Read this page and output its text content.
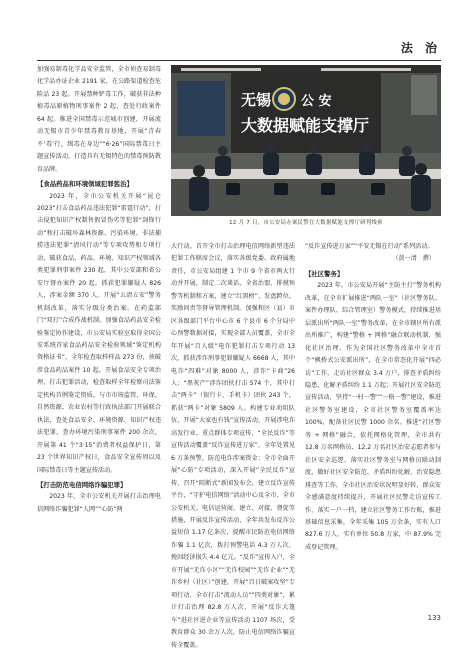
法 治

加强易制毒化学品安全监管，全市侦查易制毒化学品办证企业 2191 家，在公路渠道检查危险品 23 起。开展禁种铲毒工作，破获非法种植毒品原植物刑事案件 2 起，查处行政案件 64 起。推进全国禁毒示范城市创建，开展流动无锡市青少年禁毒教育基地，开展“青春不‘毒’行，缉毒在身边”“6·26”国际禁毒日主题宣传活动，打造具有无锡特色的禁毒预防教育品牌。

【食品药品和环境领域犯罪惩治】

2023 年，全市公安机关开展“昆仑 2023”打击食品药品违法犯罪“雷霆行动”，打击侵犯知识产权制售假冒伪劣等犯罪“剑锋行动”和打击破坏森林资源、污染环境、非法捕捞违法犯罪“清风行动”等专项攻势和专项行动，破获食品、药品、环境、知识产权领域各类犯罪刑事案件 230 起，其中公安部和省公安厅督办案件 20 起，抓获犯罪嫌疑人 826 人，涉案金额 370 人。开展“五清五安”警务机制改革，落实分级分类治案。在药监部门“双打”合成作战机制。加强食品药品安全检验鉴定协作建设，市公安局实验室取得全国公安系统首家食品药品安全检验领域“鉴定机构资格证书”，全年检查取样样品 273 份，侦破涉食品药品案件 10 起。开展食品安全专项治理，打击犯罪活动，检查取样全年检察司法鉴定机构首例鉴定资质，与市市场监管、环保、自然资源、农业农村等行政执法部门开展联合执法，查处食品安全、环境资源、知识产权违法犯罪，查办环境污染刑事案件 200 余次，开展第 41 个“3·15”消费者权益保护日，第 23 个世界知识产权日，食品安全宣传周以及国际禁毒日等主题宣传活动。

【打击防范电信网络诈骗犯罪】

2023 年，全市公安机关开展打击治理电信网络诈骗犯罪“人网”“心防”两

无锡 公 安
大数据赋能支撑厅
12 月 7 日，市公安局办案民警在大数据赋能支撑厅研判线索

大行动。首开全市打击治理电信网络新型违法犯罪工作联席会议，落实各级党委、政府属地责任，市公安局组建 1 个市 9 个省市两大行动并开展，制定二次谈话、全省治盟、排摸预警等机制和方案，建立“红黑榜”、发盘跨位、奖励问责等督导管理机制。加强和区（县）市区各级部门平台中心市 6 个县市 6 个分局中心预警数据对接，实现全部人员覆盖，全市全年开展“百人级”电诈犯罪打击专项行动 13 次，抓获涉诈刑事犯罪嫌疑人 6668 人，其中电诈“四难”对象 8000 人，涉诈“卡商”26 人；“黑灰产”涉诈团伙打击 574 个，其中打击“两卡”（银行卡、手机卡）团伙 243 个，抓获“两卡”对象 5809 人。构建专业劝阻队伍，开展“大家也有钱”宣传活动，开展涉电诈高发行业、重点群体专项宣传，“全民反诈”等宣传活动覆盖“反诈宣传进万家”，全年处置见 6 万条预警，防范电诈涉案资金；全市全面开展“心防”专项活动，深入开展“全民反诈”宣传，召开“阻断式”新闻发布会，建立反诈宣传平台，“守护电信网络”活动中心及全市、全市公安机关、电信运营商，建立、对接、督促等措施，开展反诈宣传活动，全年共发布反诈公益短信 1.17 亿条次，提醒市民防范电信网络诈骗 1.1 亿次，拨打预警电话 4.3 万人次，挽回经济损失 4.4 亿元。“反诈”宣传入户，全市开展“无诈小区”“无诈校园”“无诈企业”“无诈乡村（社区）”创建，开展“百日破案攻坚”专项行动，全市打击“流动人员”“四类对象”，累计打击治理 82.8 万人次，开展“反诈大篷车”进社区进企业等宣传活动 1107 场次，受教育群众 30 余万人次，防止电信网络诈骗宣传全覆盖。

“反诈宣传进万家”“平安无锡在行动”系列活动。

（黄一清　撰）

【社区警务】

2023 年，市公安局开展“主防主打”警务机构改革，在全市扩展推进“两队一室”（社区警务队、案件办理队、综合管理室）警务模式，持续推进基层派出所“两队一室”警务改革，在全市辖区所有派出所推广，构建“警格 + 网格”融合联动机制，强化社区治理。作为全国社区警务改革中全市首个“枫桥式公安派出所”，在全市常态化开展“四必访”工作，走访社区群众 3.4 万户，排查矛盾纠纷隐患，化解矛盾纠纷 1.1 万起；开展社区安全防范宣传活动，坚持“一村一警”“一格一警”建设，推进社区警务室建设，全市社区警务室覆盖率达 100%，配备社区民警 1000 余名。推进“社区警务 + 网格”融合，依托网格化管理，全市共有 12.8 万名网格员、12.2 万名社区治安志愿者参与社区安全巡逻，落实社区警务室与网格员联动制度，做好社区安全防范、矛盾纠纷化解、治安隐患排查等工作，全市社区治安状况明显好转，群众安全感满意度持续提升，开展社区民警走访宣传工作，落实一户一档，建立社区警务工作台账，推进基础信息采集，全年采集 105 万余条，实有人口 827.6 万人，实有单位 50.8 万家，中 87.9% 完成登记管理。

133
